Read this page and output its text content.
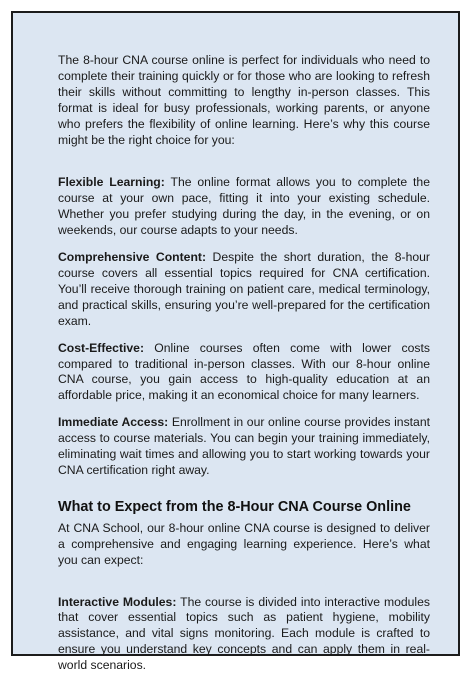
The 8-hour CNA course online is perfect for individuals who need to complete their training quickly or for those who are looking to refresh their skills without committing to lengthy in-person classes. This format is ideal for busy professionals, working parents, or anyone who prefers the flexibility of online learning. Here’s why this course might be the right choice for you:

Flexible Learning: The online format allows you to complete the course at your own pace, fitting it into your existing schedule. Whether you prefer studying during the day, in the evening, or on weekends, our course adapts to your needs.

Comprehensive Content: Despite the short duration, the 8-hour course covers all essential topics required for CNA certification. You’ll receive thorough training on patient care, medical terminology, and practical skills, ensuring you’re well-prepared for the certification exam.

Cost-Effective: Online courses often come with lower costs compared to traditional in-person classes. With our 8-hour online CNA course, you gain access to high-quality education at an affordable price, making it an economical choice for many learners.

Immediate Access: Enrollment in our online course provides instant access to course materials. You can begin your training immediately, eliminating wait times and allowing you to start working towards your CNA certification right away.

What to Expect from the 8-Hour CNA Course Online

At CNA School, our 8-hour online CNA course is designed to deliver a comprehensive and engaging learning experience. Here’s what you can expect:

Interactive Modules: The course is divided into interactive modules that cover essential topics such as patient hygiene, mobility assistance, and vital signs monitoring. Each module is crafted to ensure you understand key concepts and can apply them in real-world scenarios.
